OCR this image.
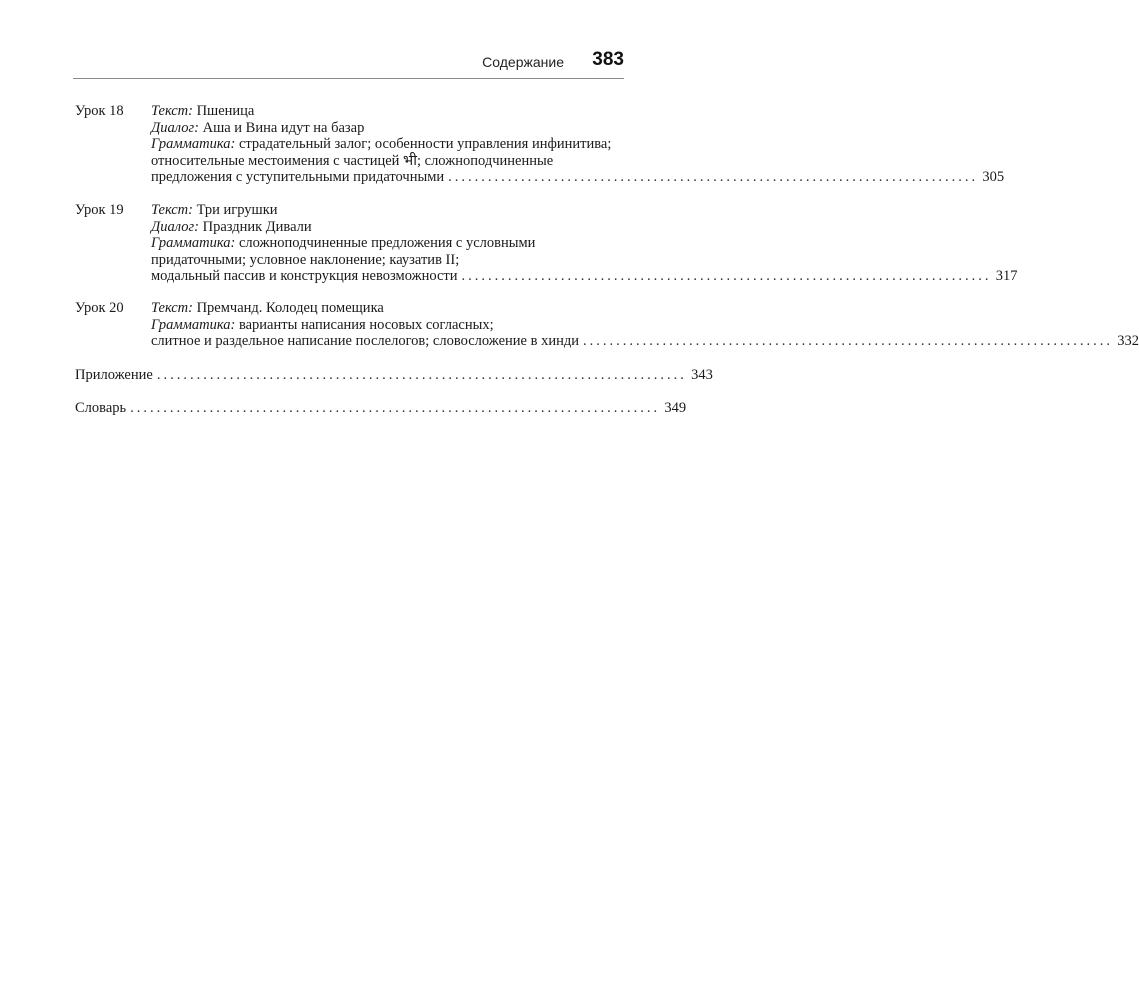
Содержание 383
Урок 18 Текст: Пшеница
Диалог: Аша и Вина идут на базар
Грамматика: страдательный залог; особенности управления инфинитива;
относительные местоимения с частицей भी; сложноподчиненные
предложения с уступительными придаточными ................................................................................ 305
Урок 19 Текст: Три игрушки
Диалог: Праздник Дивали
Грамматика: сложноподчиненные предложения с условными
придаточными; условное наклонение; каузатив II;
модальный пассив и конструкция невозможности ................................................................................ 317
Урок 20 Текст: Премчанд. Колодец помещика
Грамматика: варианты написания носовых согласных;
слитное и раздельное написание послелогов; словосложение в хинди ................................................................................ 332
Приложение ................................................................................ 343
Словарь ................................................................................ 349
